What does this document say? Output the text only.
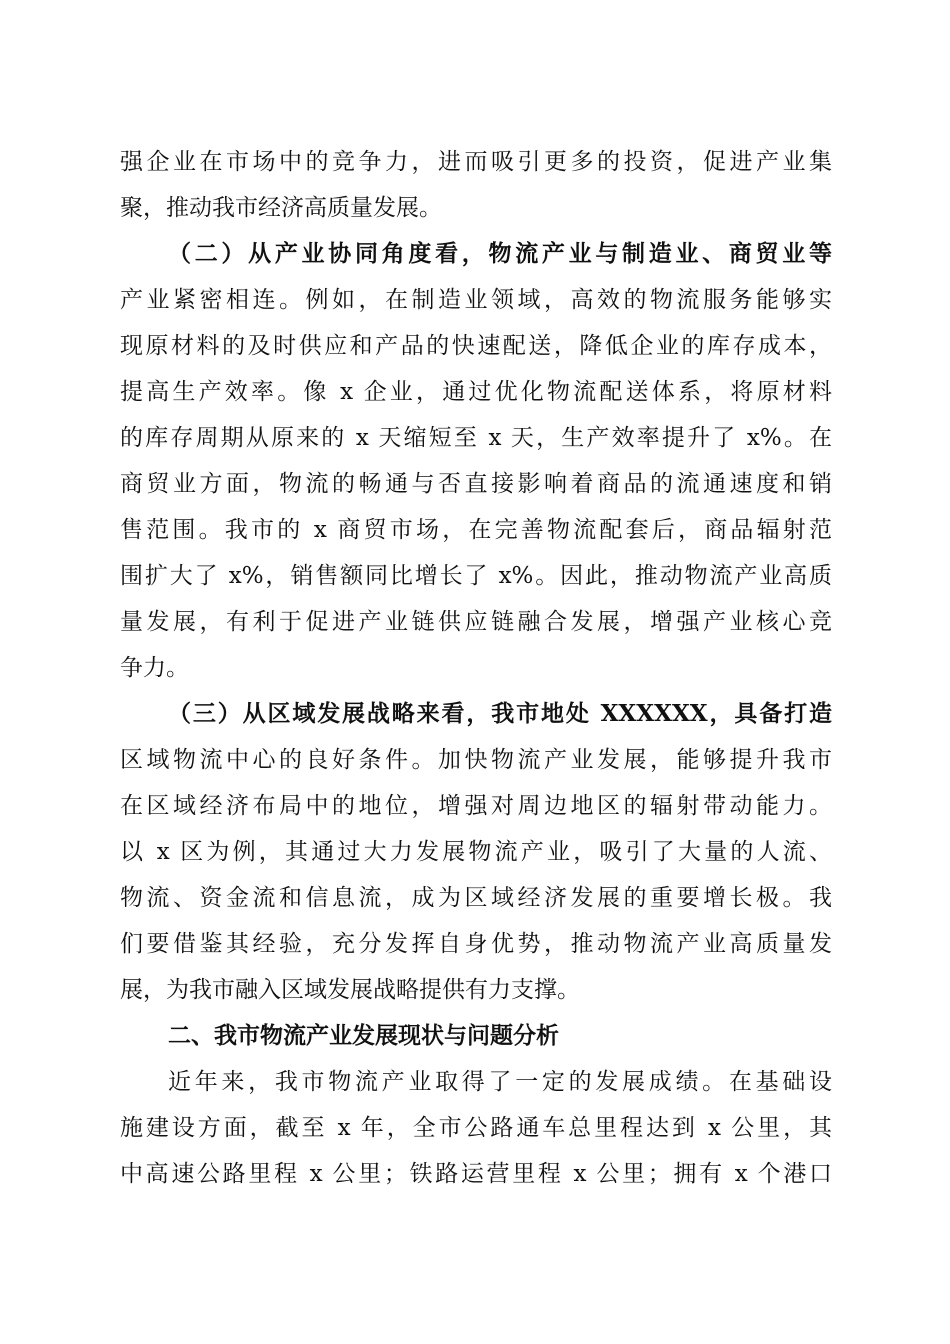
强企业在市场中的竞争力，进而吸引更多的投资，促进产业集
聚，推动我市经济高质量发展。
（二）从产业协同角度看，物流产业与制造业、商贸业等
产业紧密相连。例如，在制造业领域，高效的物流服务能够实
现原材料的及时供应和产品的快速配送，降低企业的库存成本，
提高生产效率。像 x 企业，通过优化物流配送体系，将原材料
的库存周期从原来的 x 天缩短至 x 天，生产效率提升了 x%。在
商贸业方面，物流的畅通与否直接影响着商品的流通速度和销
售范围。我市的 x 商贸市场，在完善物流配套后，商品辐射范
围扩大了 x%，销售额同比增长了 x%。因此，推动物流产业高质
量发展，有利于促进产业链供应链融合发展，增强产业核心竞
争力。
（三）从区域发展战略来看，我市地处 XXXXXX，具备打造
区域物流中心的良好条件。加快物流产业发展，能够提升我市
在区域经济布局中的地位，增强对周边地区的辐射带动能力。
以 x 区为例，其通过大力发展物流产业，吸引了大量的人流、
物流、资金流和信息流，成为区域经济发展的重要增长极。我
们要借鉴其经验，充分发挥自身优势，推动物流产业高质量发
展，为我市融入区域发展战略提供有力支撑。
二、我市物流产业发展现状与问题分析
近年来，我市物流产业取得了一定的发展成绩。在基础设
施建设方面，截至 x 年，全市公路通车总里程达到 x 公里，其
中高速公路里程 x 公里；铁路运营里程 x 公里；拥有 x 个港口
